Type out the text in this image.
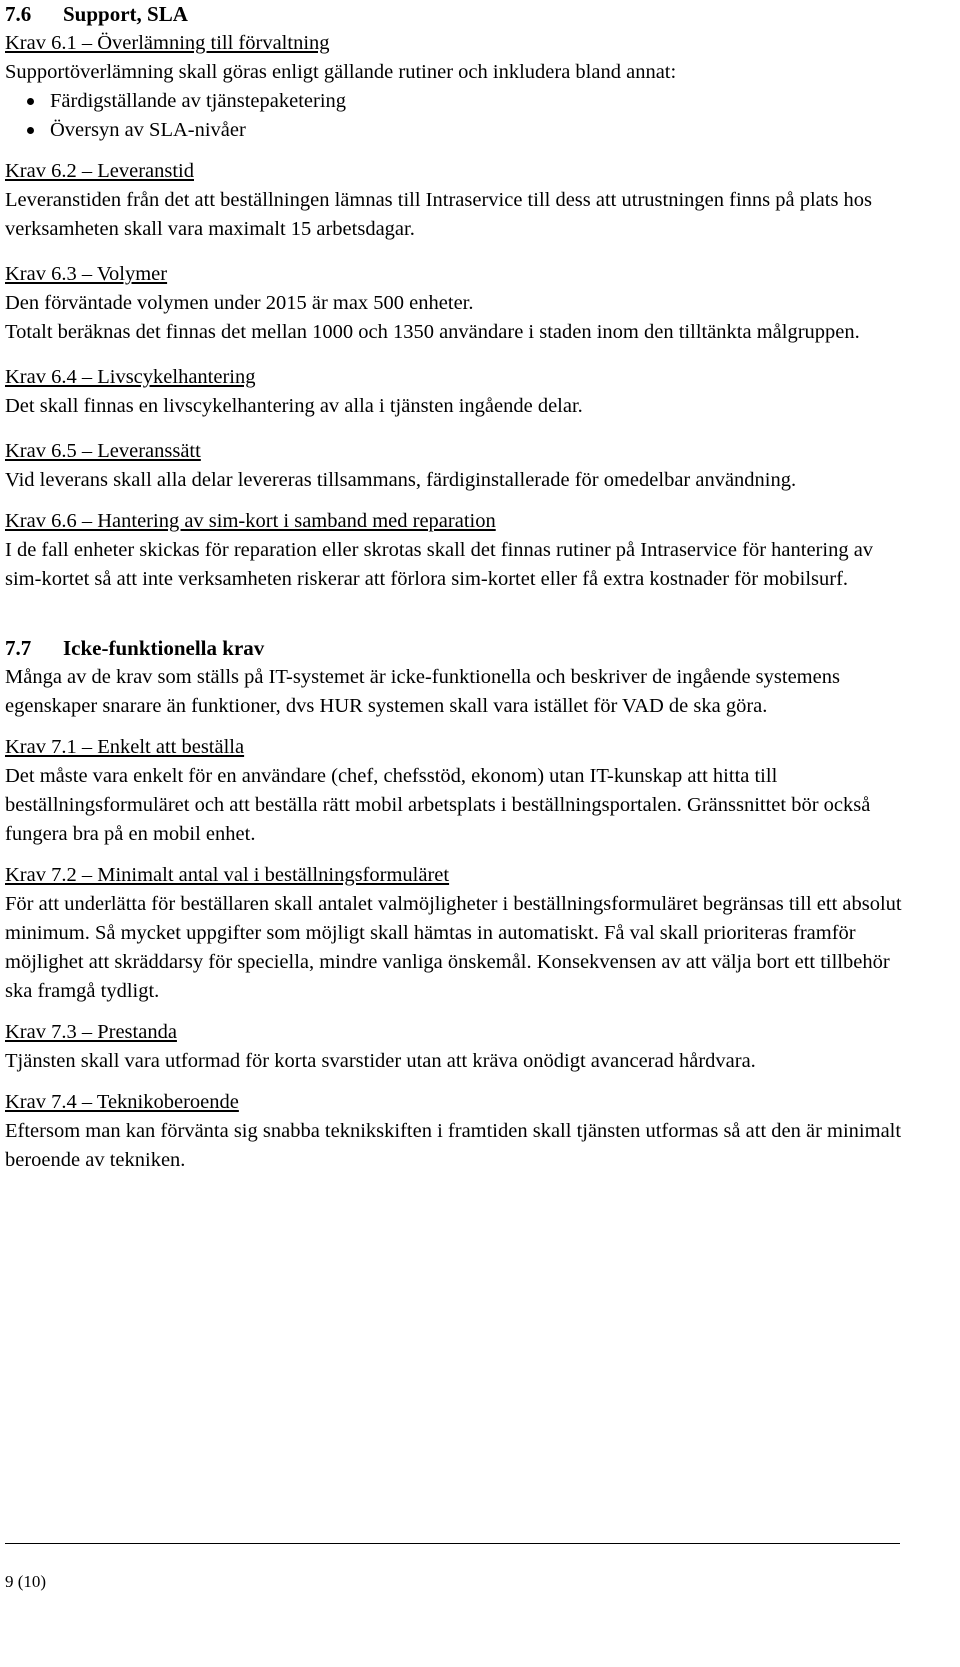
7.6 Support, SLA

Krav 6.1 – Överlämning till förvaltning

Supportöverlämning skall göras enligt gällande rutiner och inkludera bland annat:

Färdigställande av tjänstepaketering
Översyn av SLA-nivåer

Krav 6.2 – Leveranstid

Leveranstiden från det att beställningen lämnas till Intraservice till dess att utrustningen finns på plats hos verksamheten skall vara maximalt 15 arbetsdagar.

Krav 6.3 – Volymer

Den förväntade volymen under 2015 är max 500 enheter.

Totalt beräknas det finnas det mellan 1000 och 1350 användare i staden inom den tilltänkta målgruppen.

Krav 6.4 – Livscykelhantering

Det skall finnas en livscykelhantering av alla i tjänsten ingående delar.

Krav 6.5 – Leveranssätt

Vid leverans skall alla delar levereras tillsammans, färdiginstallerade för omedelbar användning.

Krav 6.6 – Hantering av sim-kort i samband med reparation

I de fall enheter skickas för reparation eller skrotas skall det finnas rutiner på Intraservice för hantering av sim-kortet så att inte verksamheten riskerar att förlora sim-kortet eller få extra kostnader för mobilsurf.

7.7 Icke-funktionella krav

Många av de krav som ställs på IT-systemet är icke-funktionella och beskriver de ingående systemens egenskaper snarare än funktioner, dvs HUR systemen skall vara istället för VAD de ska göra.

Krav 7.1 – Enkelt att beställa

Det måste vara enkelt för en användare (chef, chefsstöd, ekonom) utan IT-kunskap att hitta till beställningsformuläret och att beställa rätt mobil arbetsplats i beställningsportalen. Gränssnittet bör också fungera bra på en mobil enhet.

Krav 7.2 – Minimalt antal val i beställningsformuläret

För att underlätta för beställaren skall antalet valmöjligheter i beställningsformuläret begränsas till ett absolut minimum. Så mycket uppgifter som möjligt skall hämtas in automatiskt. Få val skall prioriteras framför möjlighet att skräddarsy för speciella, mindre vanliga önskemål. Konsekvensen av att välja bort ett tillbehör ska framgå tydligt.

Krav 7.3 – Prestanda

Tjänsten skall vara utformad för korta svarstider utan att kräva onödigt avancerad hårdvara.

Krav 7.4 – Teknikoberoende

Eftersom man kan förvänta sig snabba teknikskiften i framtiden skall tjänsten utformas så att den är minimalt beroende av tekniken.

9 (10)
